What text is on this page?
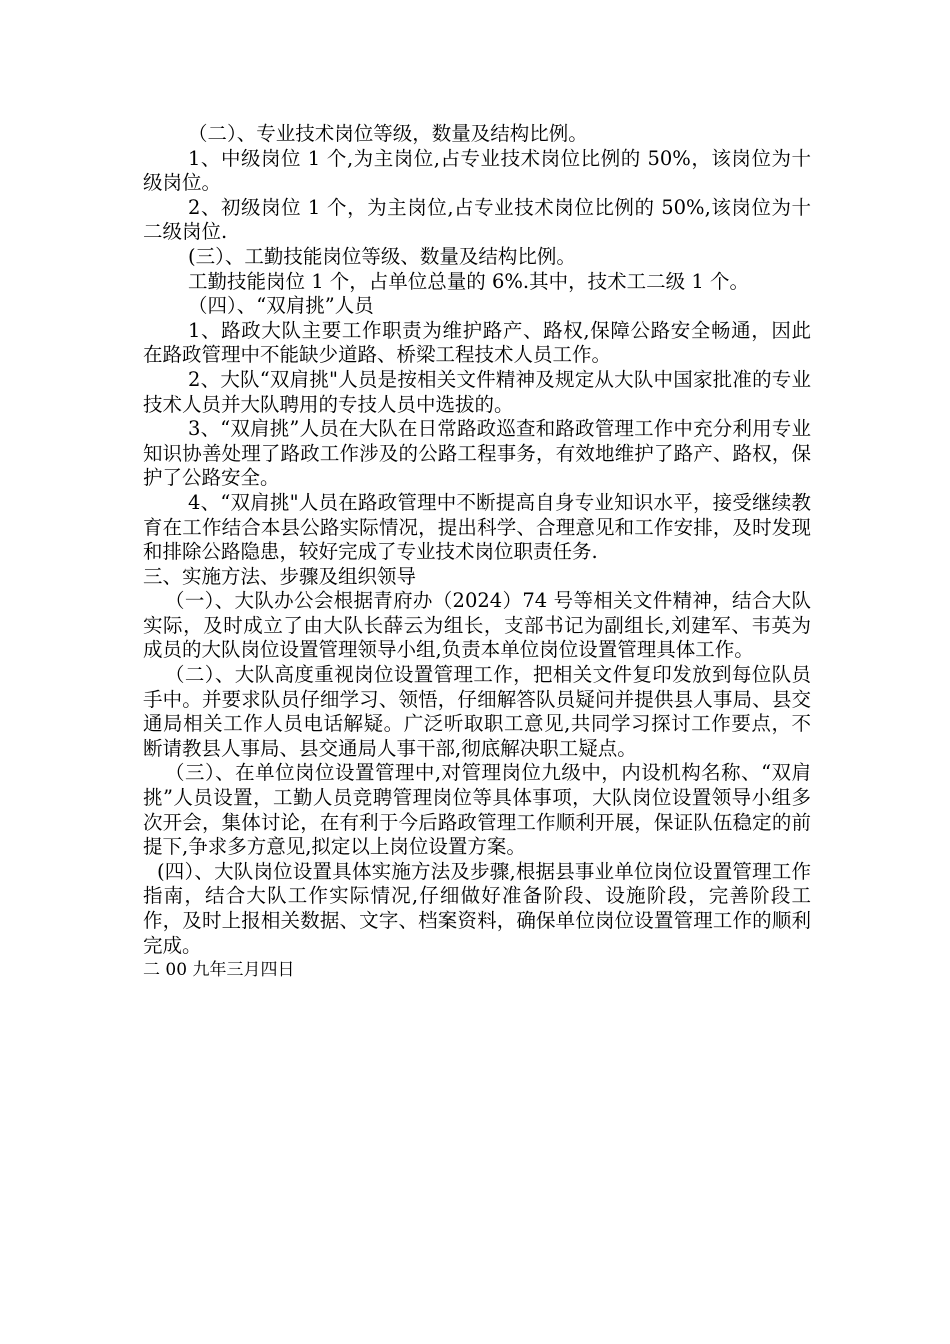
（二）、专业技术岗位等级，数量及结构比例。

1、中级岗位 1 个,为主岗位,占专业技术岗位比例的 50%，该岗位为十级岗位。

2、初级岗位 1 个，为主岗位,占专业技术岗位比例的 50%,该岗位为十二级岗位.

(三）、工勤技能岗位等级、数量及结构比例。

工勤技能岗位 1 个，占单位总量的 6%.其中，技术工二级 1 个。

（四）、“双肩挑”人员

1、路政大队主要工作职责为维护路产、路权,保障公路安全畅通，因此在路政管理中不能缺少道路、桥梁工程技术人员工作。

2、大队“双肩挑"人员是按相关文件精神及规定从大队中国家批准的专业技术人员并大队聘用的专技人员中选拔的。

3、“双肩挑”人员在大队在日常路政巡查和路政管理工作中充分利用专业知识协善处理了路政工作涉及的公路工程事务，有效地维护了路产、路权，保护了公路安全。

4、“双肩挑"人员在路政管理中不断提高自身专业知识水平，接受继续教育在工作结合本县公路实际情况，提出科学、合理意见和工作安排，及时发现和排除公路隐患，较好完成了专业技术岗位职责任务.

三、实施方法、步骤及组织领导

（一）、大队办公会根据青府办（2024）74 号等相关文件精神，结合大队实际，及时成立了由大队长薛云为组长，支部书记为副组长,刘建军、韦英为成员的大队岗位设置管理领导小组,负责本单位岗位设置管理具体工作。

（二）、大队高度重视岗位设置管理工作，把相关文件复印发放到每位队员手中。并要求队员仔细学习、领悟，仔细解答队员疑问并提供县人事局、县交通局相关工作人员电话解疑。广泛听取职工意见,共同学习探讨工作要点，不断请教县人事局、县交通局人事干部,彻底解决职工疑点。

（三）、在单位岗位设置管理中,对管理岗位九级中，内设机构名称、“双肩挑”人员设置，工勤人员竞聘管理岗位等具体事项，大队岗位设置领导小组多次开会，集体讨论，在有利于今后路政管理工作顺利开展，保证队伍稳定的前提下,争求多方意见,拟定以上岗位设置方案。

(四）、大队岗位设置具体实施方法及步骤,根据县事业单位岗位设置管理工作指南，结合大队工作实际情况,仔细做好准备阶段、设施阶段，完善阶段工作，及时上报相关数据、文字、档案资料，确保单位岗位设置管理工作的顺利完成。

二 00 九年三月四日
